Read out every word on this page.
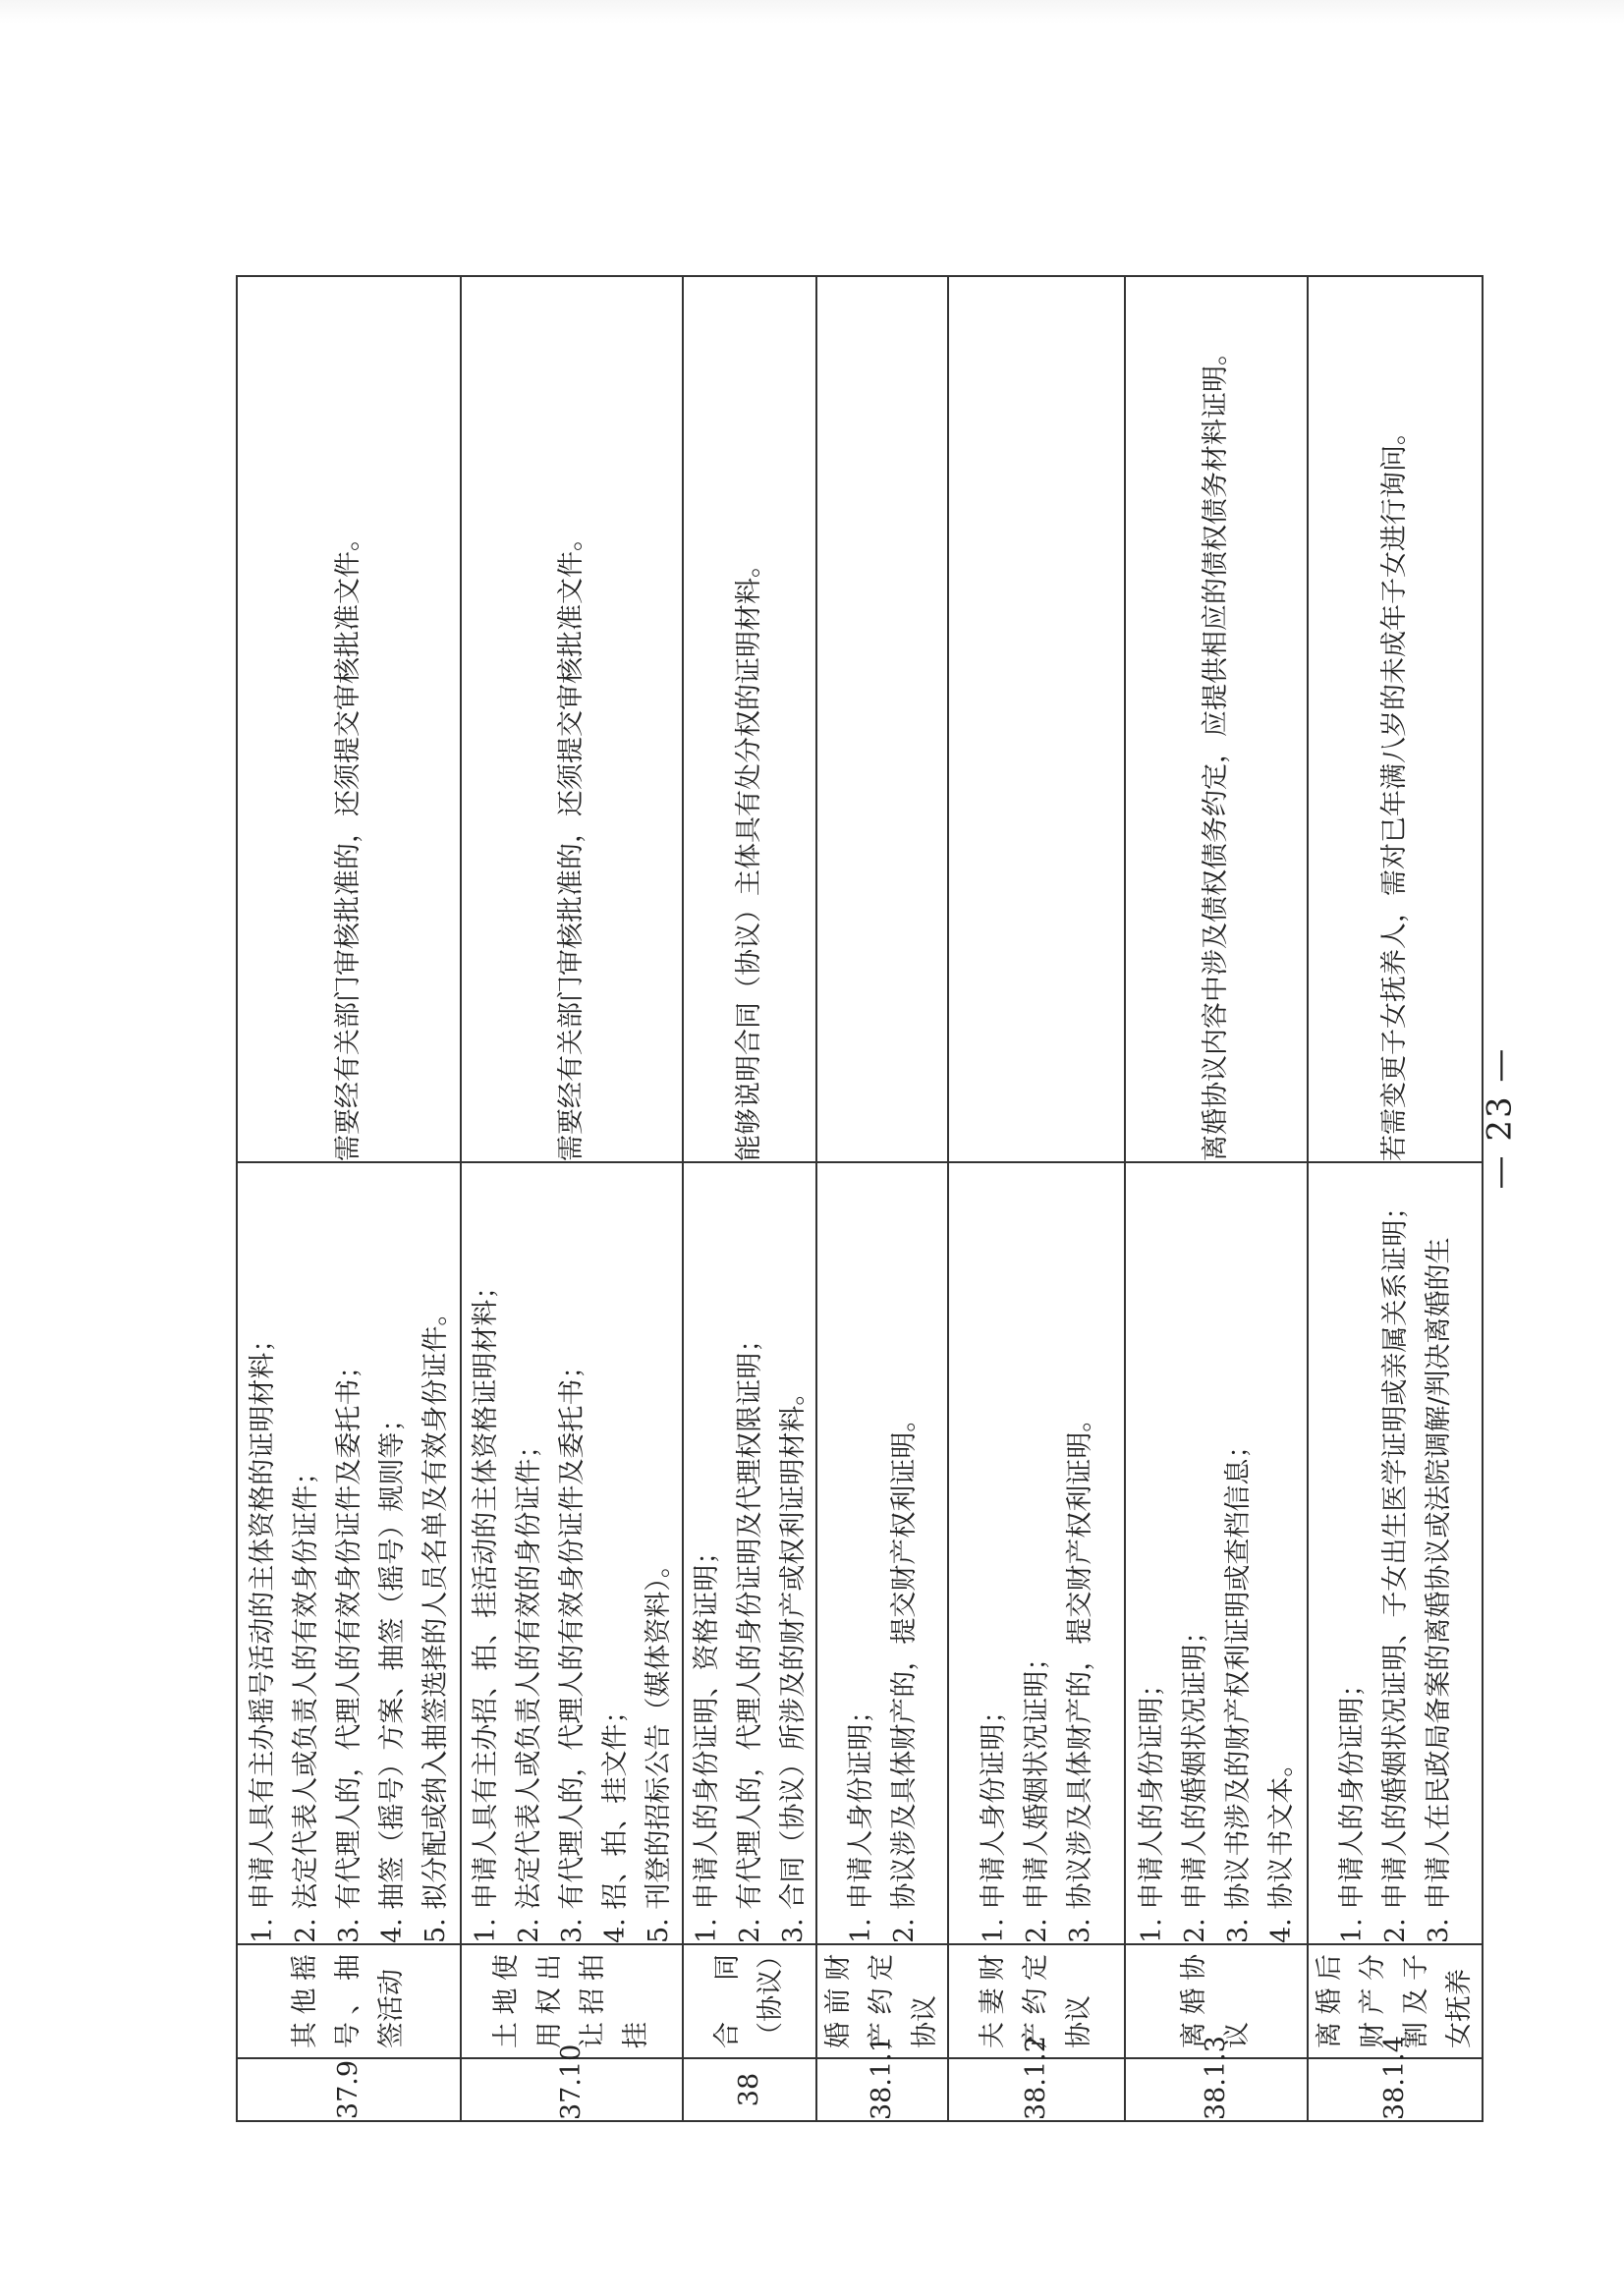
37.9	其他摇号、抽签活动	1. 申请人具有主办摇号活动的主体资格的证明材料； 2. 法定代表人或负责人的有效身份证件； 3. 有代理人的，代理人的有效身份证件及委托书； 4. 抽签（摇号）方案、抽签（摇号）规则等； 5. 拟分配或纳入抽签选择的人员名单及有效身份证件。	需要经有关部门审核批准的，还须提交审核批准文件。
37.10	土地使用权出让招拍挂	1. 申请人具有主办招、拍、挂活动的主体资格证明材料； 2. 法定代表人或负责人的有效的身份证件； 3. 有代理人的，代理人的有效身份证件及委托书； 4. 招、拍、挂文件； 5. 刊登的招标公告（媒体资料）。	需要经有关部门审核批准的，还须提交审核批准文件。
38	合同（协议）	1. 申请人的身份证明、资格证明； 2. 有代理人的，代理人的身份证明及代理权限证明； 3. 合同（协议）所涉及的财产或权利证明材料。	能够说明合同（协议）主体具有处分权的证明材料。
38.1.1	婚前财产约定协议	1. 申请人身份证明； 2. 协议涉及具体财产的，提交财产权利证明。	

38.1.2	夫妻财产约定协议	1. 申请人身份证明； 2. 申请人婚姻状况证明； 3. 协议涉及具体财产的，提交财产权利证明。	

38.1.3	离婚协议	1. 申请人的身份证明； 2. 申请人的婚姻状况证明； 3. 协议书涉及的财产权利证明或查档信息； 4. 协议书文本。	离婚协议内容中涉及债权债务约定，应提供相应的债权债务材料证明。
38.1.4	离婚后财产分割及子女抚养	1. 申请人的身份证明； 2. 申请人的婚姻状况证明、子女出生医学证明或亲属关系证明； 3. 申请人在民政局备案的离婚协议或法院调解/判决离婚的生	若需变更子女抚养人，需对已年满八岁的未成年子女进行询问。 — 23 —
